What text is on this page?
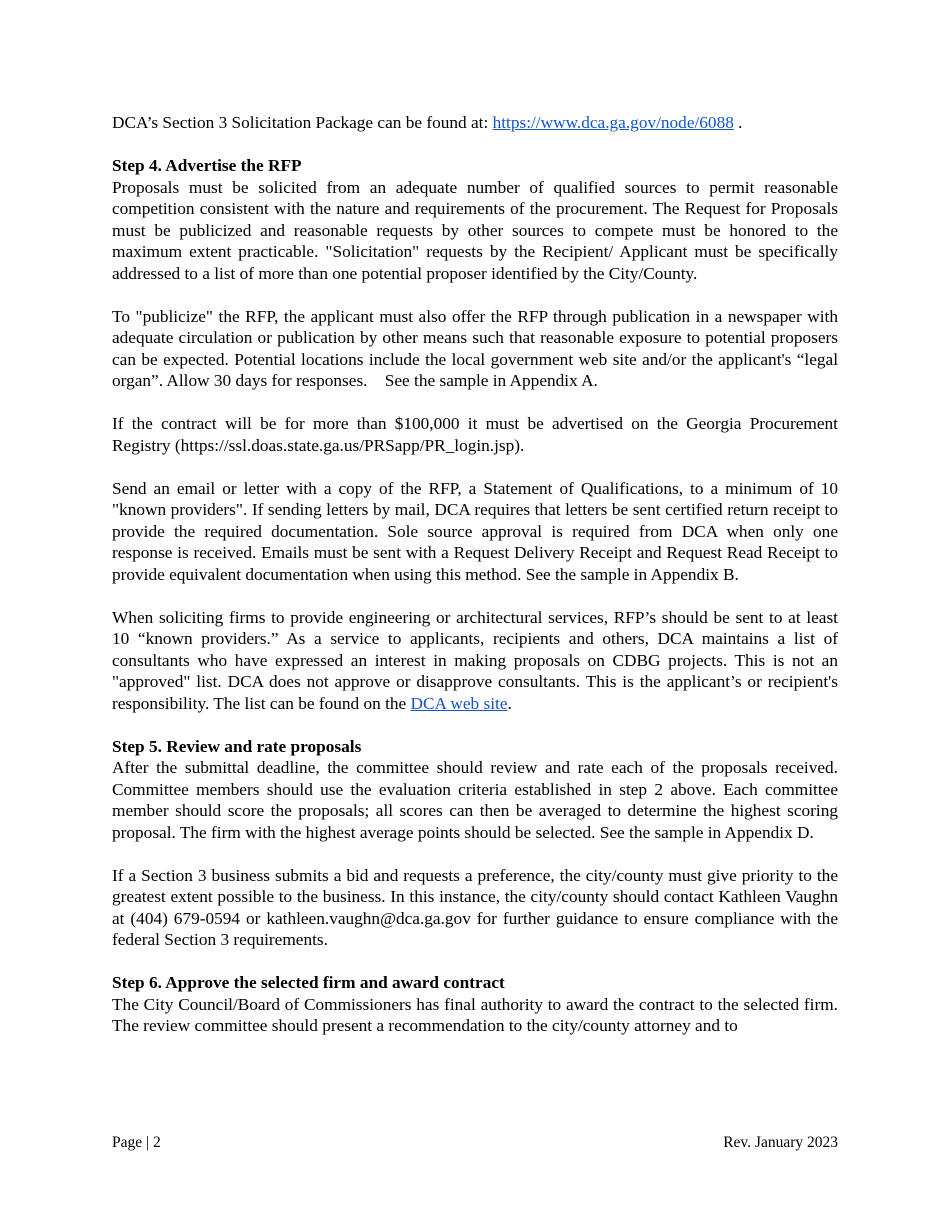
DCA’s Section 3 Solicitation Package can be found at: https://www.dca.ga.gov/node/6088 .

Step 4. Advertise the RFP

Proposals must be solicited from an adequate number of qualified sources to permit reasonable competition consistent with the nature and requirements of the procurement. The Request for Proposals must be publicized and reasonable requests by other sources to compete must be honored to the maximum extent practicable. "Solicitation" requests by the Recipient/ Applicant must be specifically addressed to a list of more than one potential proposer identified by the City/County.

To "publicize" the RFP, the applicant must also offer the RFP through publication in a newspaper with adequate circulation or publication by other means such that reasonable exposure to potential proposers can be expected. Potential locations include the local government web site and/or the applicant's “legal organ”. Allow 30 days for responses.    See the sample in Appendix A.

If the contract will be for more than $100,000 it must be advertised on the Georgia Procurement Registry (https://ssl.doas.state.ga.us/PRSapp/PR_login.jsp).

Send an email or letter with a copy of the RFP, a Statement of Qualifications, to a minimum of 10 "known providers". If sending letters by mail, DCA requires that letters be sent certified return receipt to provide the required documentation. Sole source approval is required from DCA when only one response is received. Emails must be sent with a Request Delivery Receipt and Request Read Receipt to provide equivalent documentation when using this method. See the sample in Appendix B.

When soliciting firms to provide engineering or architectural services, RFP’s should be sent to at least 10 “known providers.” As a service to applicants, recipients and others, DCA maintains a list of consultants who have expressed an interest in making proposals on CDBG projects. This is not an "approved" list. DCA does not approve or disapprove consultants. This is the applicant’s or recipient's responsibility. The list can be found on the DCA web site.

Step 5. Review and rate proposals

After the submittal deadline, the committee should review and rate each of the proposals received. Committee members should use the evaluation criteria established in step 2 above. Each committee member should score the proposals; all scores can then be averaged to determine the highest scoring proposal. The firm with the highest average points should be selected. See the sample in Appendix D.

If a Section 3 business submits a bid and requests a preference, the city/county must give priority to the greatest extent possible to the business. In this instance, the city/county should contact Kathleen Vaughn at (404) 679-0594 or kathleen.vaughn@dca.ga.gov for further guidance to ensure compliance with the federal Section 3 requirements.

Step 6. Approve the selected firm and award contract

The City Council/Board of Commissioners has final authority to award the contract to the selected firm. The review committee should present a recommendation to the city/county attorney and to

Page | 2	Rev. January 2023
